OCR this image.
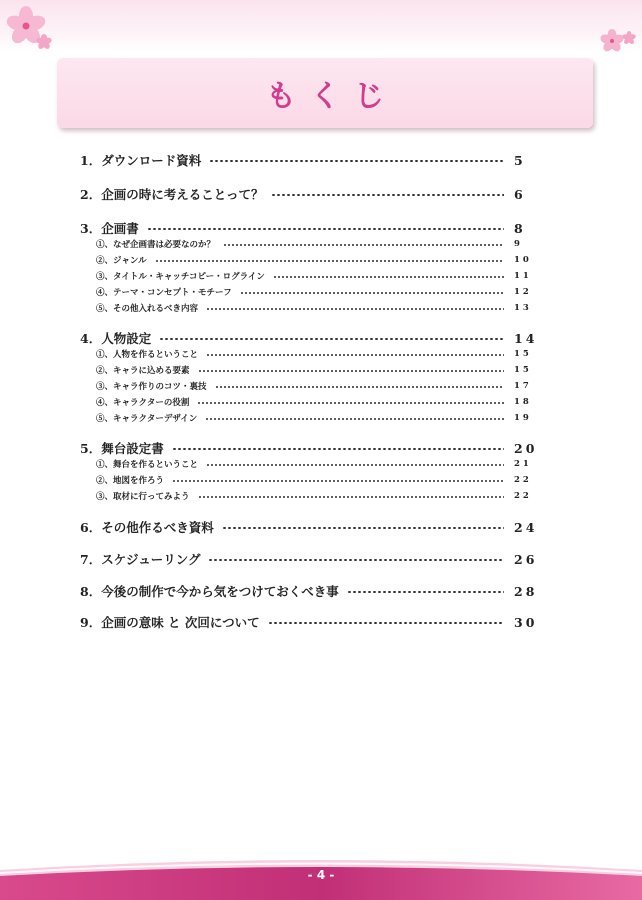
もくじ
1．ダウンロード資料	5
2．企画の時に考えることって？	6
3．企画書	8
①、なぜ企画書は必要なのか？	9
②、ジャンル	10
③、タイトル・キャッチコピー・ログライン	11
④、テーマ・コンセプト・モチーフ	12
⑤、その他入れるべき内容	13
4．人物設定	14
①、人物を作るということ	15
②、キャラに込める要素	15
③、キャラ作りのコツ・裏技	17
④、キャラクターの役割	18
⑤、キャラクターデザイン	19
5．舞台設定書	20
①、舞台を作るということ	21
②、地図を作ろう	22
③、取材に行ってみよう	22
6．その他作るべき資料	24
7．スケジューリング	26
8．今後の制作で今から気をつけておくべき事	28
9．企画の意味 と 次回について	30
- 4 -
